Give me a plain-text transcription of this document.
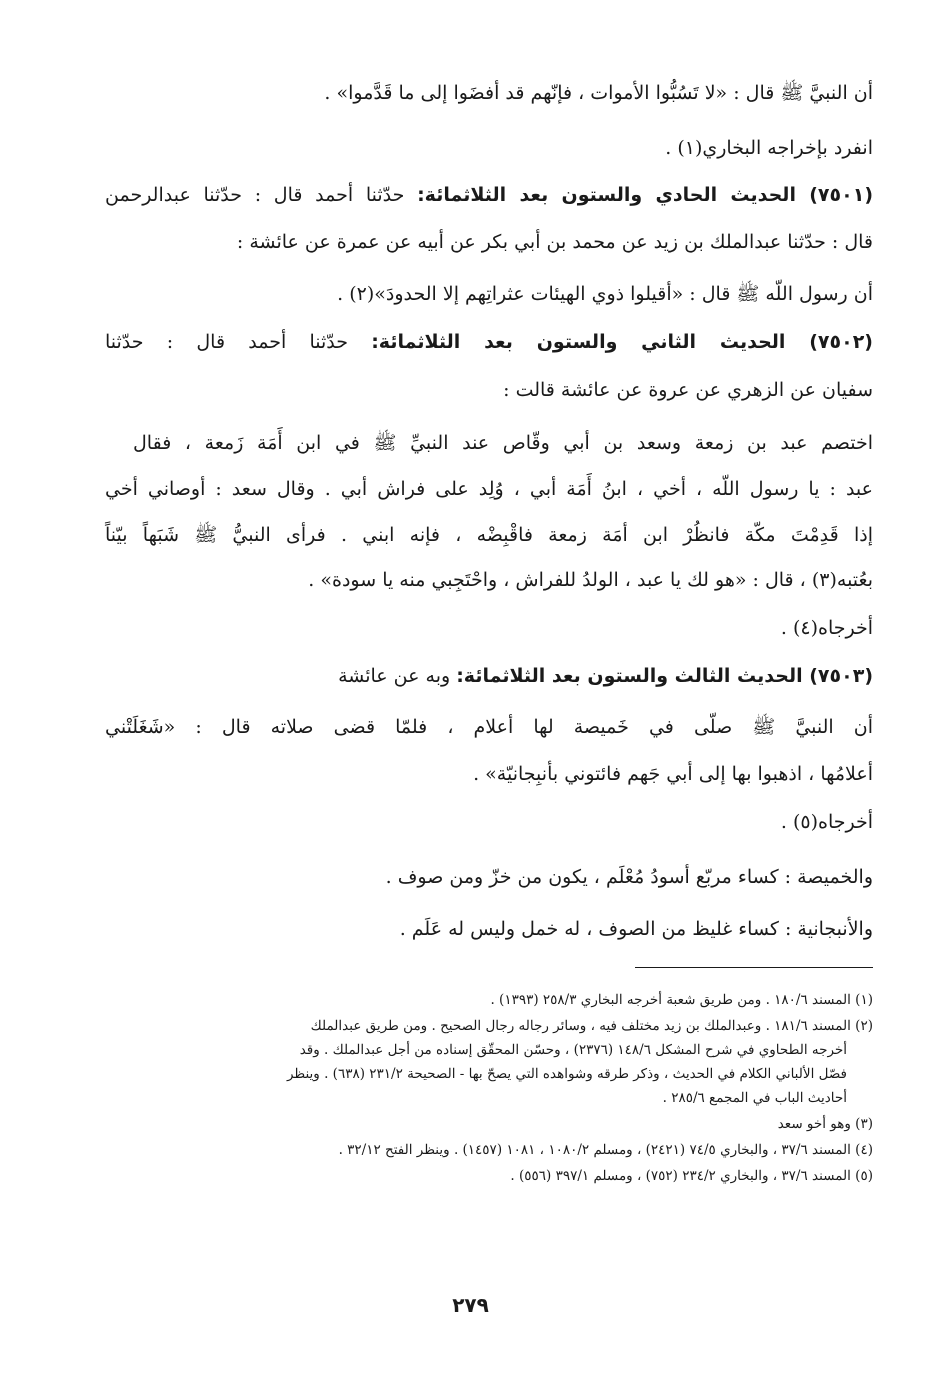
أن النبيَّ ﷺ قال : «لا تَسُبُّوا الأموات ، فإنّهم قد أفضَوا إلى ما قَدَّموا» .

انفرد بإخراجه البخاري(١) .

(٧٥٠١) الحديث الحادي والستون بعد الثلاثمائة: حدّثنا أحمد قال : حدّثنا عبدالرحمن

قال : حدّثنا عبدالملك بن زيد عن محمد بن أبي بكر عن أبيه عن عمرة عن عائشة :

أن رسول اللّه ﷺ قال : «أقيلوا ذوي الهيئات عثراتِهم إلا الحدودَ»(٢) .

(٧٥٠٢) الحديث الثاني والستون بعد الثلاثمائة: حدّثنا أحمد قال : حدّثنا

سفيان عن الزهري عن عروة عن عائشة قالت :

اختصم عبد بن زمعة وسعد بن أبي وقّاص عند النبيِّ ﷺ في ابن أَمَة زَمعة ، فقال

عبد : يا رسول اللّه ، أخي ، ابنُ أَمَة أبي ، وُلِد على فراش أبي . وقال سعد : أوصاني أخي

إذا قَدِمْتَ مكّة فانظُرْ ابن أمَة زمعة فاقْبِضْه ، فإنه ابني . فرأى النبيُّ ﷺ شَبَهاً بيّناً

بعُتبه(٣) ، قال : «هو لك يا عبد ، الولدُ للفراش ، واحْتَجِبي منه يا سودة» .

أخرجاه(٤) .

(٧٥٠٣) الحديث الثالث والستون بعد الثلاثمائة: وبه عن عائشة

أن النبيَّ ﷺ صلّى في خَميصة لها أعلام ، فلمّا قضى صلاته قال : «شَغَلَتْني

أعلامُها ، اذهبوا بها إلى أبي جَهم فائتوني بأنبِجانيّة» .

أخرجاه(٥) .

والخميصة : كساء مربّع أسودُ مُعْلَم ، يكون من خزّ ومن صوف .

والأنبجانية : كساء غليظ من الصوف ، له خمل وليس له عَلَم .

(١) المسند ١٨٠/٦ . ومن طريق شعبة أخرجه البخاري ٢٥٨/٣ (١٣٩٣) .

(٢) المسند ١٨١/٦ . وعبدالملك بن زيد مختلف فيه ، وسائر رجاله رجال الصحيح . ومن طريق عبدالملك

أخرجه الطحاوي في شرح المشكل ١٤٨/٦ (٢٣٧٦) ، وحسّن المحقّق إسناده من أجل عبدالملك . وقد

فصّل الألباني الكلام في الحديث ، وذكر طرقه وشواهده التي يصحّ بها - الصحيحة ٢٣١/٢ (٦٣٨) . وينظر

أحاديث الباب في المجمع ٢٨٥/٦ .

(٣) وهو أخو سعد

(٤) المسند ٣٧/٦ ، والبخاري ٧٤/٥ (٢٤٢١) ، ومسلم ١٠٨٠/٢ ، ١٠٨١ (١٤٥٧) . وينظر الفتح ٣٢/١٢ .

(٥) المسند ٣٧/٦ ، والبخاري ٢٣٤/٢ (٧٥٢) ، ومسلم ٣٩٧/١ (٥٥٦) .

٢٧٩
